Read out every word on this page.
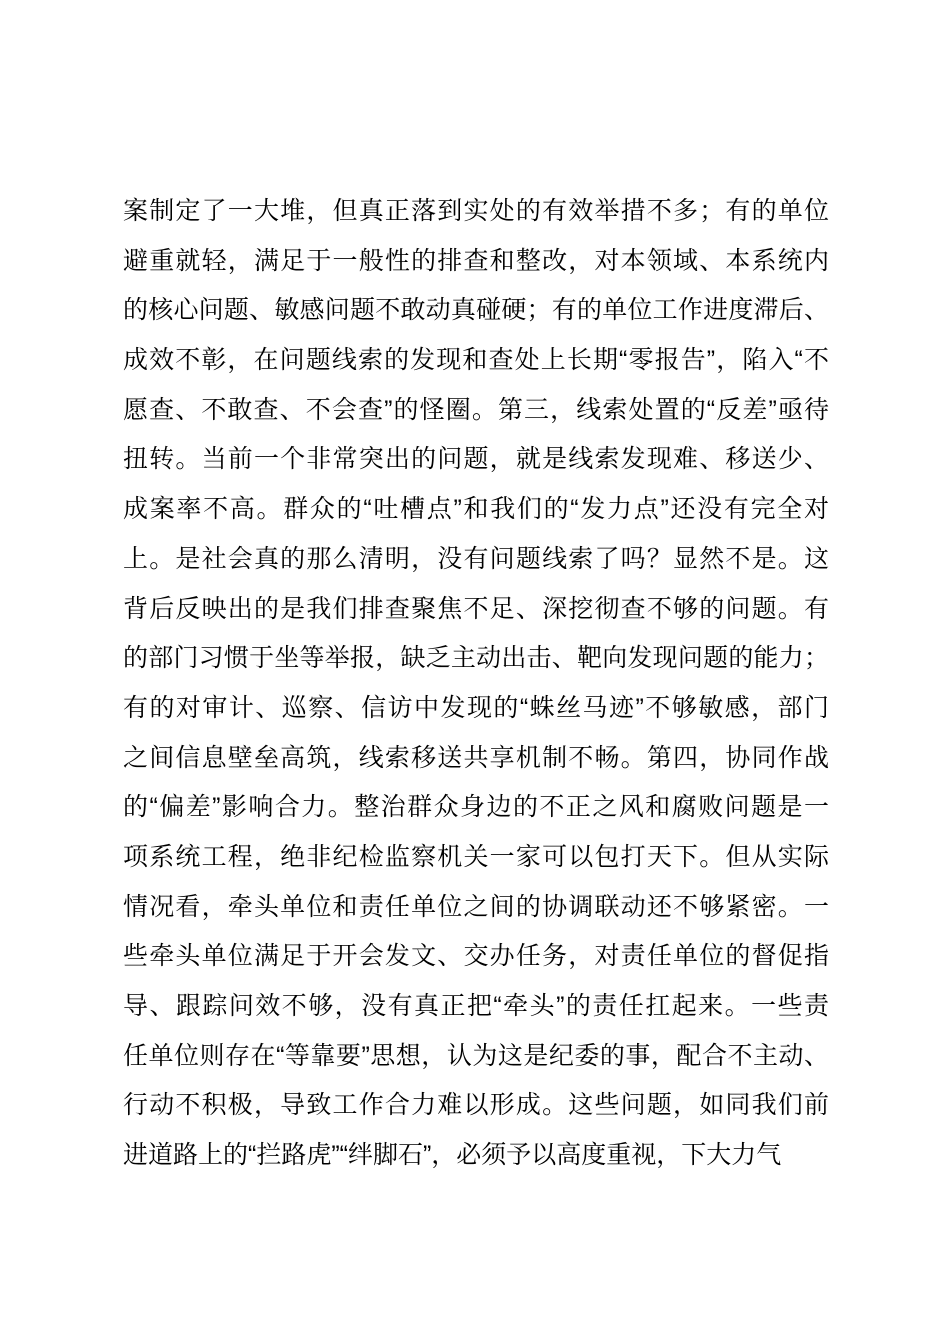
案制定了一大堆，但真正落到实处的有效举措不多；有的单位
避重就轻，满足于一般性的排查和整改，对本领域、本系统内
的核心问题、敏感问题不敢动真碰硬；有的单位工作进度滞后、
成效不彰，在问题线索的发现和查处上长期“零报告”，陷入“不
愿查、不敢查、不会查”的怪圈。第三，线索处置的“反差”亟待
扭转。当前一个非常突出的问题，就是线索发现难、移送少、
成案率不高。群众的“吐槽点”和我们的“发力点”还没有完全对
上。是社会真的那么清明，没有问题线索了吗？显然不是。这
背后反映出的是我们排查聚焦不足、深挖彻查不够的问题。有
的部门习惯于坐等举报，缺乏主动出击、靶向发现问题的能力；
有的对审计、巡察、信访中发现的“蛛丝马迹”不够敏感，部门
之间信息壁垒高筑，线索移送共享机制不畅。第四，协同作战
的“偏差”影响合力。整治群众身边的不正之风和腐败问题是一
项系统工程，绝非纪检监察机关一家可以包打天下。但从实际
情况看，牵头单位和责任单位之间的协调联动还不够紧密。一
些牵头单位满足于开会发文、交办任务，对责任单位的督促指
导、跟踪问效不够，没有真正把“牵头”的责任扛起来。一些责
任单位则存在“等靠要”思想，认为这是纪委的事，配合不主动、
行动不积极，导致工作合力难以形成。这些问题，如同我们前
进道路上的“拦路虎”“绊脚石”，必须予以高度重视，下大力气
